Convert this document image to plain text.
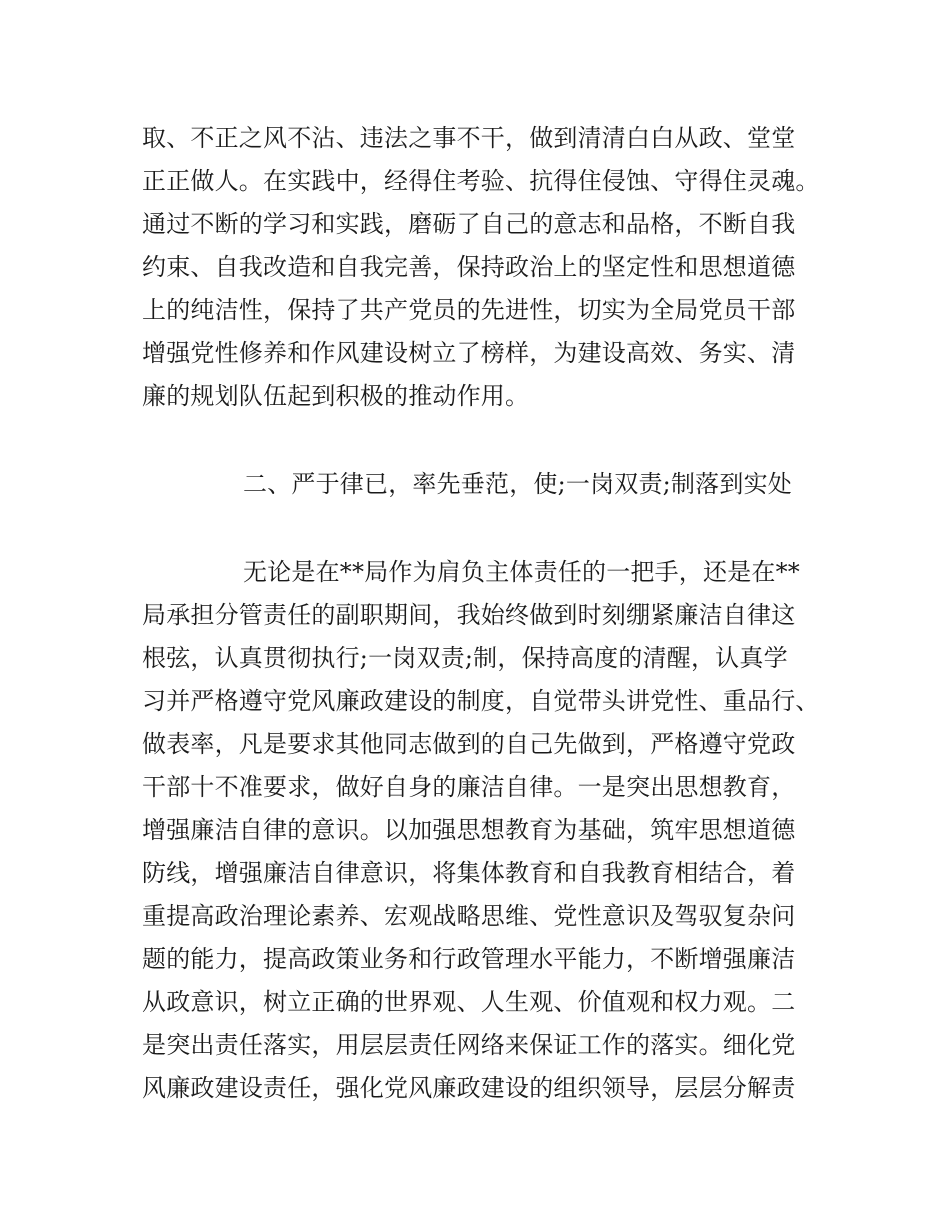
取、不正之风不沾、违法之事不干，做到清清白白从政、堂堂
正正做人。在实践中，经得住考验、抗得住侵蚀、守得住灵魂。
通过不断的学习和实践，磨砺了自己的意志和品格，不断自我
约束、自我改造和自我完善，保持政治上的坚定性和思想道德
上的纯洁性，保持了共产党员的先进性，切实为全局党员干部
增强党性修养和作风建设树立了榜样，为建设高效、务实、清
廉的规划队伍起到积极的推动作用。
二、严于律已，率先垂范，使;一岗双责;制落到实处
无论是在**局作为肩负主体责任的一把手，还是在**
局承担分管责任的副职期间，我始终做到时刻绷紧廉洁自律这
根弦，认真贯彻执行;一岗双责;制，保持高度的清醒，认真学
习并严格遵守党风廉政建设的制度，自觉带头讲党性、重品行、
做表率，凡是要求其他同志做到的自己先做到，严格遵守党政
干部十不准要求，做好自身的廉洁自律。一是突出思想教育，
增强廉洁自律的意识。以加强思想教育为基础，筑牢思想道德
防线，增强廉洁自律意识，将集体教育和自我教育相结合，着
重提高政治理论素养、宏观战略思维、党性意识及驾驭复杂问
题的能力，提高政策业务和行政管理水平能力，不断增强廉洁
从政意识，树立正确的世界观、人生观、价值观和权力观。二
是突出责任落实，用层层责任网络来保证工作的落实。细化党
风廉政建设责任，强化党风廉政建设的组织领导，层层分解责
